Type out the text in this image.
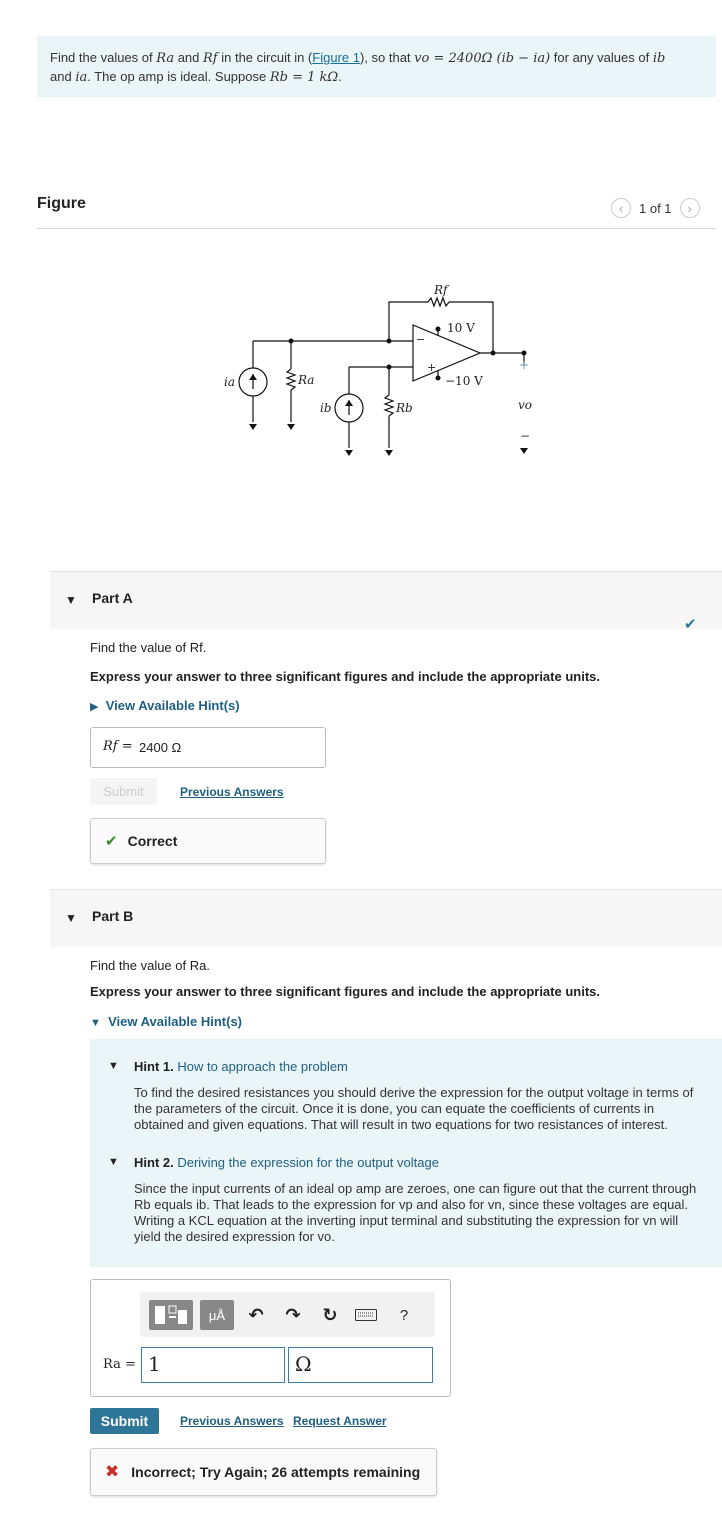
Find the values of Ra and Rf in the circuit in (Figure 1), so that vo = 2400Ω (ib − ia) for any values of ib
and ia. The op amp is ideal. Suppose Rb = 1 kΩ.
Figure	‹ 1 of 1 ›
Rf
10 V
−10 V
ia	Ra
ib	Rb	vo
+
−
−
+
▼ Part A
✔
Find the value of Rf.
Express your answer to three significant figures and include the appropriate units.
▶ View Available Hint(s)
Rf = 2400 Ω
Submit	Previous Answers
✔ Correct
▼ Part B
Find the value of Ra.
Express your answer to three significant figures and include the appropriate units.
▼ View Available Hint(s)
▼ Hint 1. How to approach the problem
To find the desired resistances you should derive the expression for the output voltage in terms of
the parameters of the circuit. Once it is done, you can equate the coefficients of currents in
obtained and given equations. That will result in two equations for two resistances of interest.
▼ Hint 2. Deriving the expression for the output voltage
Since the input currents of an ideal op amp are zeroes, one can figure out that the current through
Rb equals ib. That leads to the expression for vp and also for vn, since these voltages are equal.
Writing a KCL equation at the inverting input terminal and substituting the expression for vn will
yield the desired expression for vo.
μÅ	↶ ↷ ↻	?
Ra = 1	Ω
Submit	Previous Answers Request Answer
✖ Incorrect; Try Again; 26 attempts remaining
